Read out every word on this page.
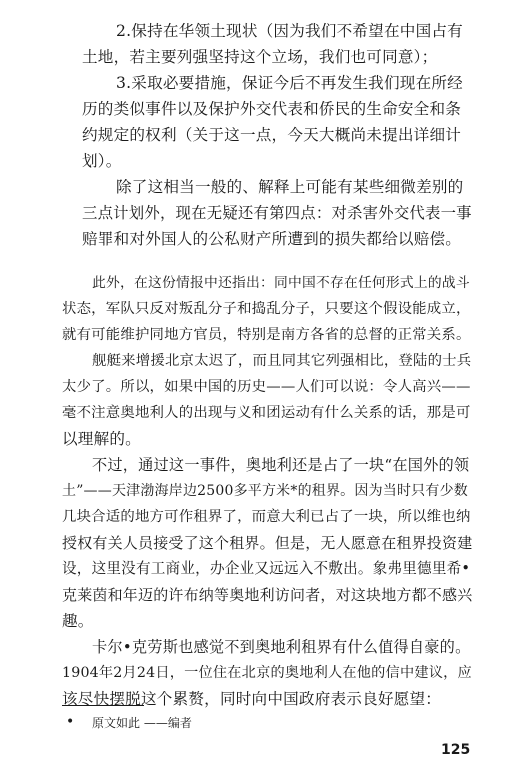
2.保持在华领土现状（因为我们不希望在中国占有
土地，若主要列强坚持这个立场，我们也可同意）；
3.采取必要措施，保证今后不再发生我们现在所经
历的类似事件以及保护外交代表和侨民的生命安全和条
约规定的权利（关于这一点，今天大概尚未提出详细计
划）。
除了这相当一般的、解释上可能有某些细微差别的
三点计划外，现在无疑还有第四点：对杀害外交代表一事
赔罪和对外国人的公私财产所遭到的损失都给以赔偿。
此外，在这份情报中还指出：同中国不存在任何形式上的战斗
状态，军队只反对叛乱分子和捣乱分子，只要这个假设能成立，
就有可能维护同地方官员，特别是南方各省的总督的正常关系。
舰艇来增援北京太迟了，而且同其它列强相比，登陆的士兵
太少了。所以，如果中国的历史——人们可以说：令人高兴——
毫不注意奥地利人的出现与义和团运动有什么关系的话，那是可
以理解的。
不过，通过这一事件，奥地利还是占了一块“在国外的领
土”——天津渤海岸边2500多平方米*的租界。因为当时只有少数
几块合适的地方可作租界了，而意大利已占了一块，所以维也纳
授权有关人员接受了这个租界。但是，无人愿意在租界投资建
设，这里没有工商业，办企业又远远入不敷出。象弗里德里希•
克莱茵和年迈的许布纳等奥地利访问者，对这块地方都不感兴
趣。
卡尔•克劳斯也感觉不到奥地利租界有什么值得自豪的。
1904年2月24日，一位住在北京的奥地利人在他的信中建议，应
该尽快摆脱这个累赘，同时向中国政府表示良好愿望：
• 原文如此 ——编者
125
